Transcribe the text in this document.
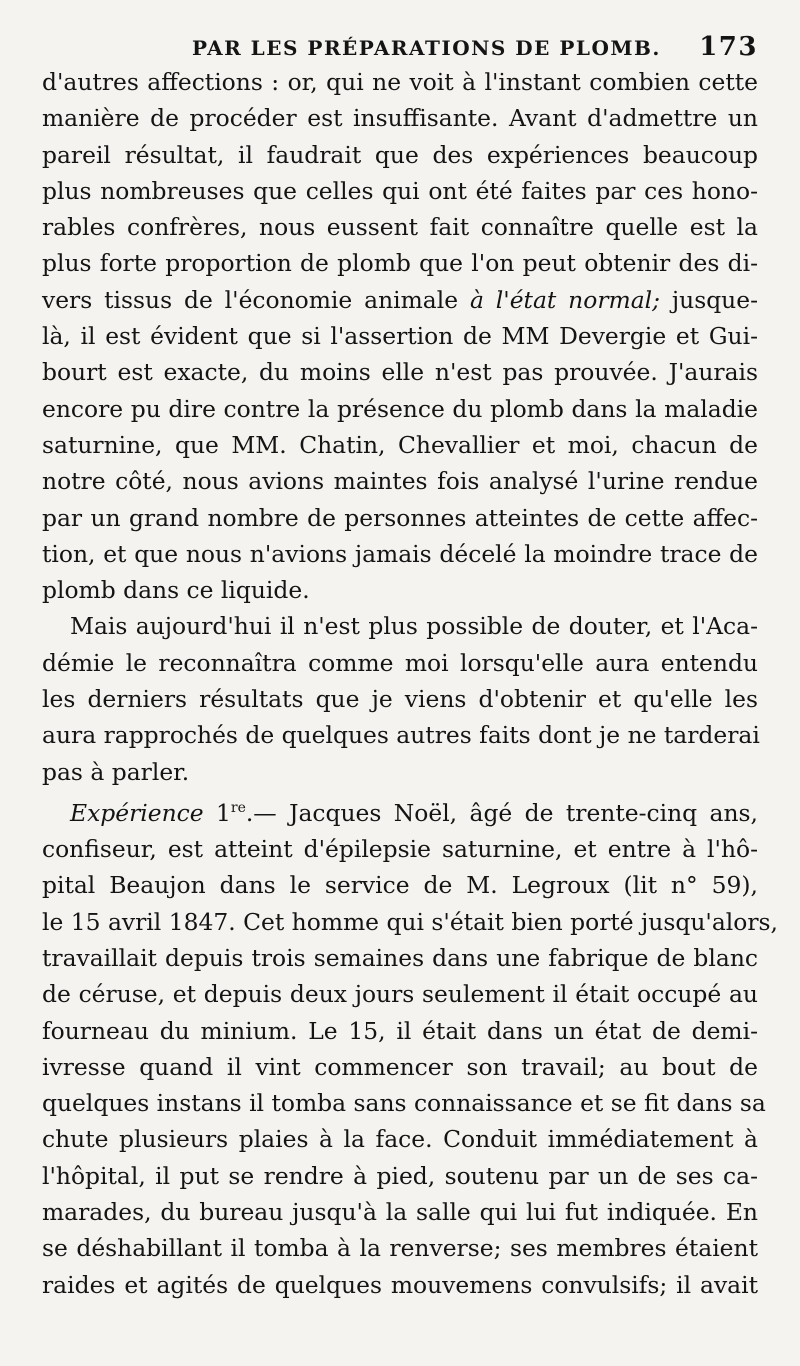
PAR LES PRÉPARATIONS DE PLOMB. 173
d'autres affections : or, qui ne voit à l'instant combien cette
manière de procéder est insuffisante. Avant d'admettre un
pareil résultat, il faudrait que des expériences beaucoup
plus nombreuses que celles qui ont été faites par ces hono-
rables confrères, nous eussent fait connaître quelle est la
plus forte proportion de plomb que l'on peut obtenir des di-
vers tissus de l'économie animale à l'état normal; jusque-
là, il est évident que si l'assertion de MM Devergie et Gui-
bourt est exacte, du moins elle n'est pas prouvée. J'aurais
encore pu dire contre la présence du plomb dans la maladie
saturnine, que MM. Chatin, Chevallier et moi, chacun de
notre côté, nous avions maintes fois analysé l'urine rendue
par un grand nombre de personnes atteintes de cette affec-
tion, et que nous n'avions jamais décelé la moindre trace de
plomb dans ce liquide.
Mais aujourd'hui il n'est plus possible de douter, et l'Aca-
démie le reconnaîtra comme moi lorsqu'elle aura entendu
les derniers résultats que je viens d'obtenir et qu'elle les
aura rapprochés de quelques autres faits dont je ne tarderai
pas à parler.
Expérience 1re.— Jacques Noël, âgé de trente-cinq ans,
confiseur, est atteint d'épilepsie saturnine, et entre à l'hô-
pital Beaujon dans le service de M. Legroux (lit n° 59),
le 15 avril 1847. Cet homme qui s'était bien porté jusqu'alors,
travaillait depuis trois semaines dans une fabrique de blanc
de céruse, et depuis deux jours seulement il était occupé au
fourneau du minium. Le 15, il était dans un état de demi-
ivresse quand il vint commencer son travail; au bout de
quelques instans il tomba sans connaissance et se fit dans sa
chute plusieurs plaies à la face. Conduit immédiatement à
l'hôpital, il put se rendre à pied, soutenu par un de ses ca-
marades, du bureau jusqu'à la salle qui lui fut indiquée. En
se déshabillant il tomba à la renverse; ses membres étaient
raides et agités de quelques mouvemens convulsifs; il avait
